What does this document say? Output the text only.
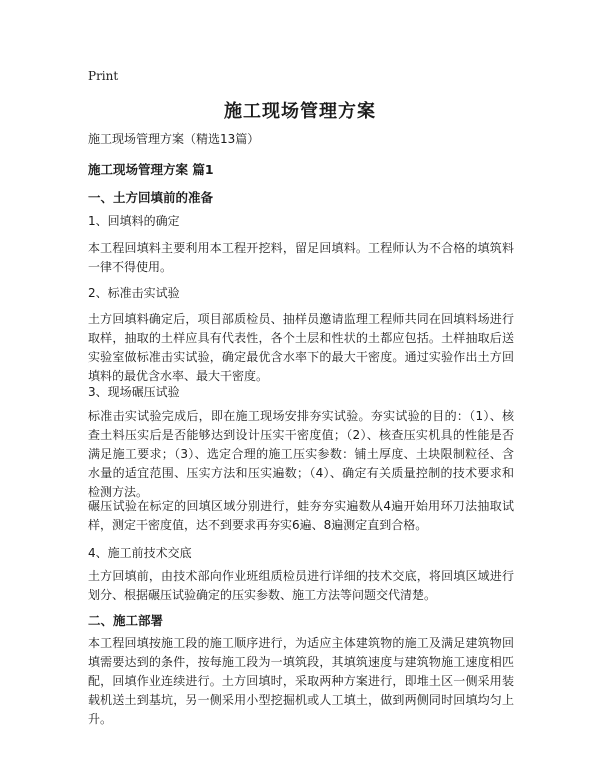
Print
施工现场管理方案

施工现场管理方案（精选13篇）

施工现场管理方案 篇1

一、土方回填前的准备

1、回填料的确定

本工程回填料主要利用本工程开挖料，留足回填料。工程师认为不合格的填筑料一律不得使用。

2、标准击实试验

土方回填料确定后，项目部质检员、抽样员邀请监理工程师共同在回填料场进行取样，抽取的土样应具有代表性，各个土层和性状的土都应包括。土样抽取后送实验室做标准击实试验，确定最优含水率下的最大干密度。通过实验作出土方回填料的最优含水率、最大干密度。

3、现场碾压试验

标准击实试验完成后，即在施工现场安排夯实试验。夯实试验的目的：（1）、核查土料压实后是否能够达到设计压实干密度值；（2）、核查压实机具的性能是否满足施工要求；（3）、选定合理的施工压实参数：铺土厚度、土块限制粒径、含水量的适宜范围、压实方法和压实遍数；（4）、确定有关质量控制的技术要求和检测方法。

碾压试验在标定的回填区域分别进行，蛙夯夯实遍数从4遍开始用环刀法抽取试样，测定干密度值，达不到要求再夯实6遍、8遍测定直到合格。

4、施工前技术交底

土方回填前，由技术部向作业班组质检员进行详细的技术交底，将回填区域进行划分、根据碾压试验确定的压实参数、施工方法等问题交代清楚。

二、施工部署

本工程回填按施工段的施工顺序进行，为适应主体建筑物的施工及满足建筑物回填需要达到的条件，按每施工段为一填筑段，其填筑速度与建筑物施工速度相匹配，回填作业连续进行。土方回填时，采取两种方案进行，即堆土区一侧采用装载机送土到基坑，另一侧采用小型挖掘机或人工填土，做到两侧同时回填均匀上升。
